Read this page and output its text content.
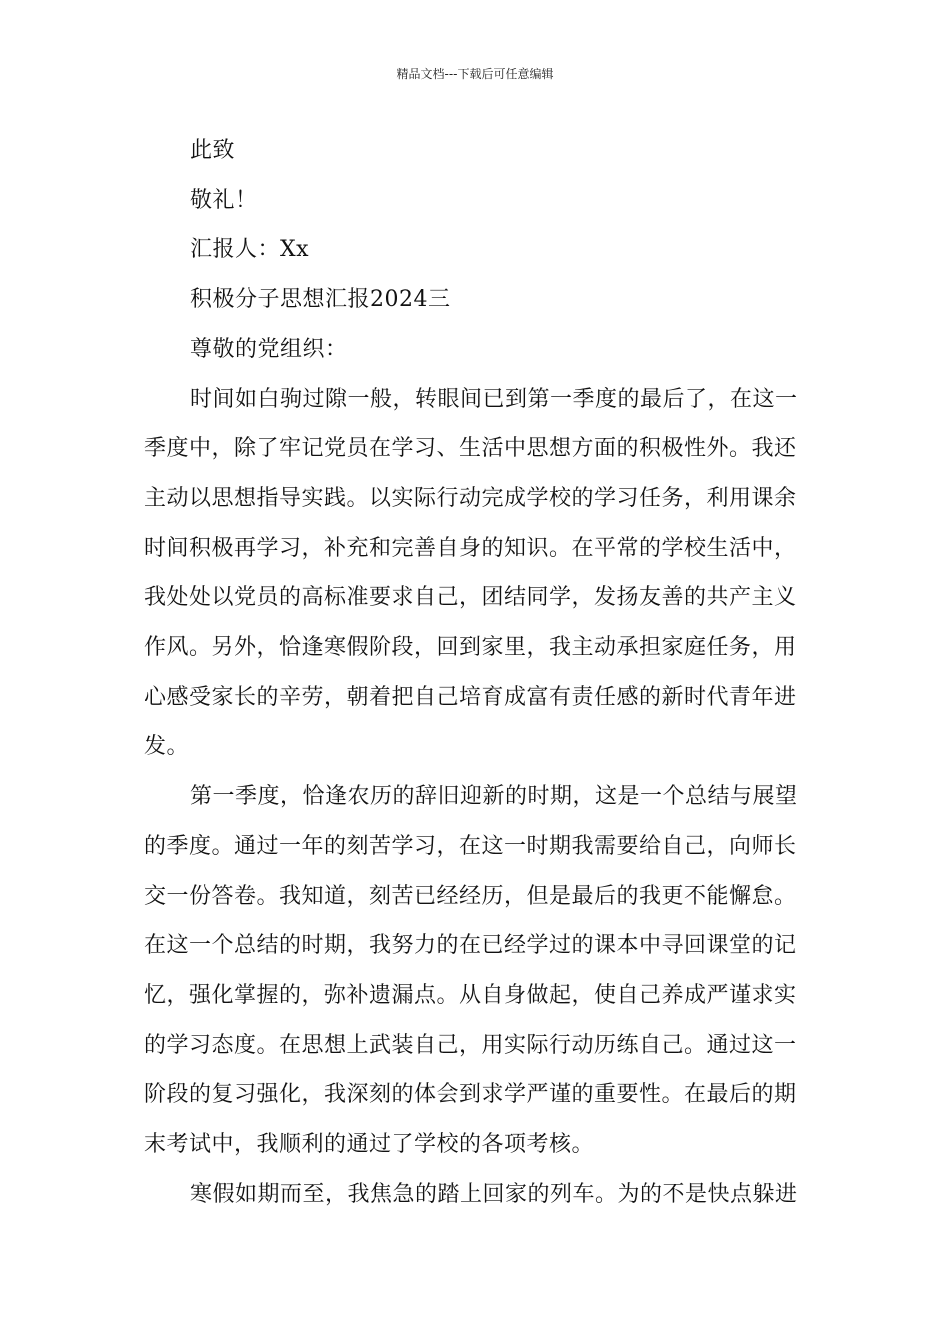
精品文档---下载后可任意编辑
此致
敬礼！
汇报人：Xx
积极分子思想汇报2024三
尊敬的党组织：
时间如白驹过隙一般，转眼间已到第一季度的最后了，在这一
季度中，除了牢记党员在学习、生活中思想方面的积极性外。我还
主动以思想指导实践。以实际行动完成学校的学习任务，利用课余
时间积极再学习，补充和完善自身的知识。在平常的学校生活中，
我处处以党员的高标准要求自己，团结同学，发扬友善的共产主义
作风。另外，恰逢寒假阶段，回到家里，我主动承担家庭任务，用
心感受家长的辛劳，朝着把自己培育成富有责任感的新时代青年进
发。
第一季度，恰逢农历的辞旧迎新的时期，这是一个总结与展望
的季度。通过一年的刻苦学习，在这一时期我需要给自己，向师长
交一份答卷。我知道，刻苦已经经历，但是最后的我更不能懈怠。
在这一个总结的时期，我努力的在已经学过的课本中寻回课堂的记
忆，强化掌握的，弥补遗漏点。从自身做起，使自己养成严谨求实
的学习态度。在思想上武装自己，用实际行动历练自己。通过这一
阶段的复习强化，我深刻的体会到求学严谨的重要性。在最后的期
末考试中，我顺利的通过了学校的各项考核。
寒假如期而至，我焦急的踏上回家的列车。为的不是快点躲进
